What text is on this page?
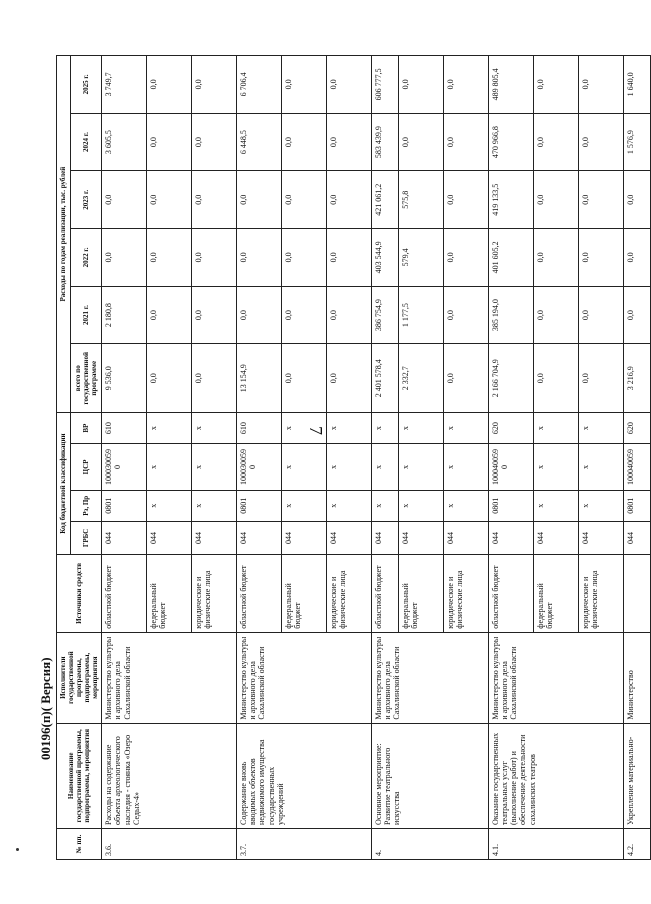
7
№ пп.	Наименование государственной программы, подпрограммы, мероприятия	Исполнители государственной программы, подпрограммы, мероприятия	Источники средств	Код бюджетной классификации				Расходы по годам реализации, тыс. рублей					
				ГРБС	Рз, Пр	ЦСР	ВР	всего по государственной программе	2021 г.	2022 г.	2023 г.	2024 г.	2025 г.
3.6.	Расходы на содержание объекта археологического наследия - стоянка «Озеро Седых-4»	Министерство культуры и архивного дела Сахалинской области	областной бюджет	044	0801	1000300590	610	9 536,0	2 180,8	0,0	0,0	3 605,5	3 749,7
			федеральный бюджет	044	х	х	х	0,0	0,0	0,0	0,0	0,0	0,0
			юридические и физические лица	044	х	х	х	0,0	0,0	0,0	0,0	0,0	0,0
3.7.	Содержание вновь вводимых объектов недвижимого имущества государственных учреждений	Министерство культуры и архивного дела Сахалинской области	областной бюджет	044	0801	1000300590	610	13 154,9	0,0	0,0	0,0	6 448,5	6 706,4
			федеральный бюджет	044	х	х	х	0,0	0,0	0,0	0,0	0,0	0,0
			юридические и физические лица	044	х	х	х	0,0	0,0	0,0	0,0	0,0	0,0
4.	Основное мероприятие: Развитие театрального искусства	Министерство культуры и архивного дела Сахалинской области	областной бюджет	044	х	х	х	2 401 578,4	386 754,9	403 544,9	421 061,2	583 439,9	606 777,5
			федеральный бюджет	044	х	х	х	2 332,7	1 177,5	579,4	575,8	0,0	0,0
			юридические и физические лица	044	х	х	х	0,0	0,0	0,0	0,0	0,0	0,0
4.1.	Оказание государственных театральных услуг (выполнение работ) и обеспечение деятельности сахалинских театров	Министерство культуры и архивного дела Сахалинской области	областной бюджет	044	0801	1000400590	620	2 166 704,9	385 194,0	401 605,2	419 133,5	470 966,8	489 805,4
			федеральный бюджет	044	х	х	х	0,0	0,0	0,0	0,0	0,0	0,0
			юридические и физические лица	044	х	х	х	0,0	0,0	0,0	0,0	0,0	0,0
4.2.	Укрепление материально-	Министерство		044	0801	100040059	620	3 216,9	0,0	0,0	0,0	1 576,9	1 640,0
00196(п)( Версия)
